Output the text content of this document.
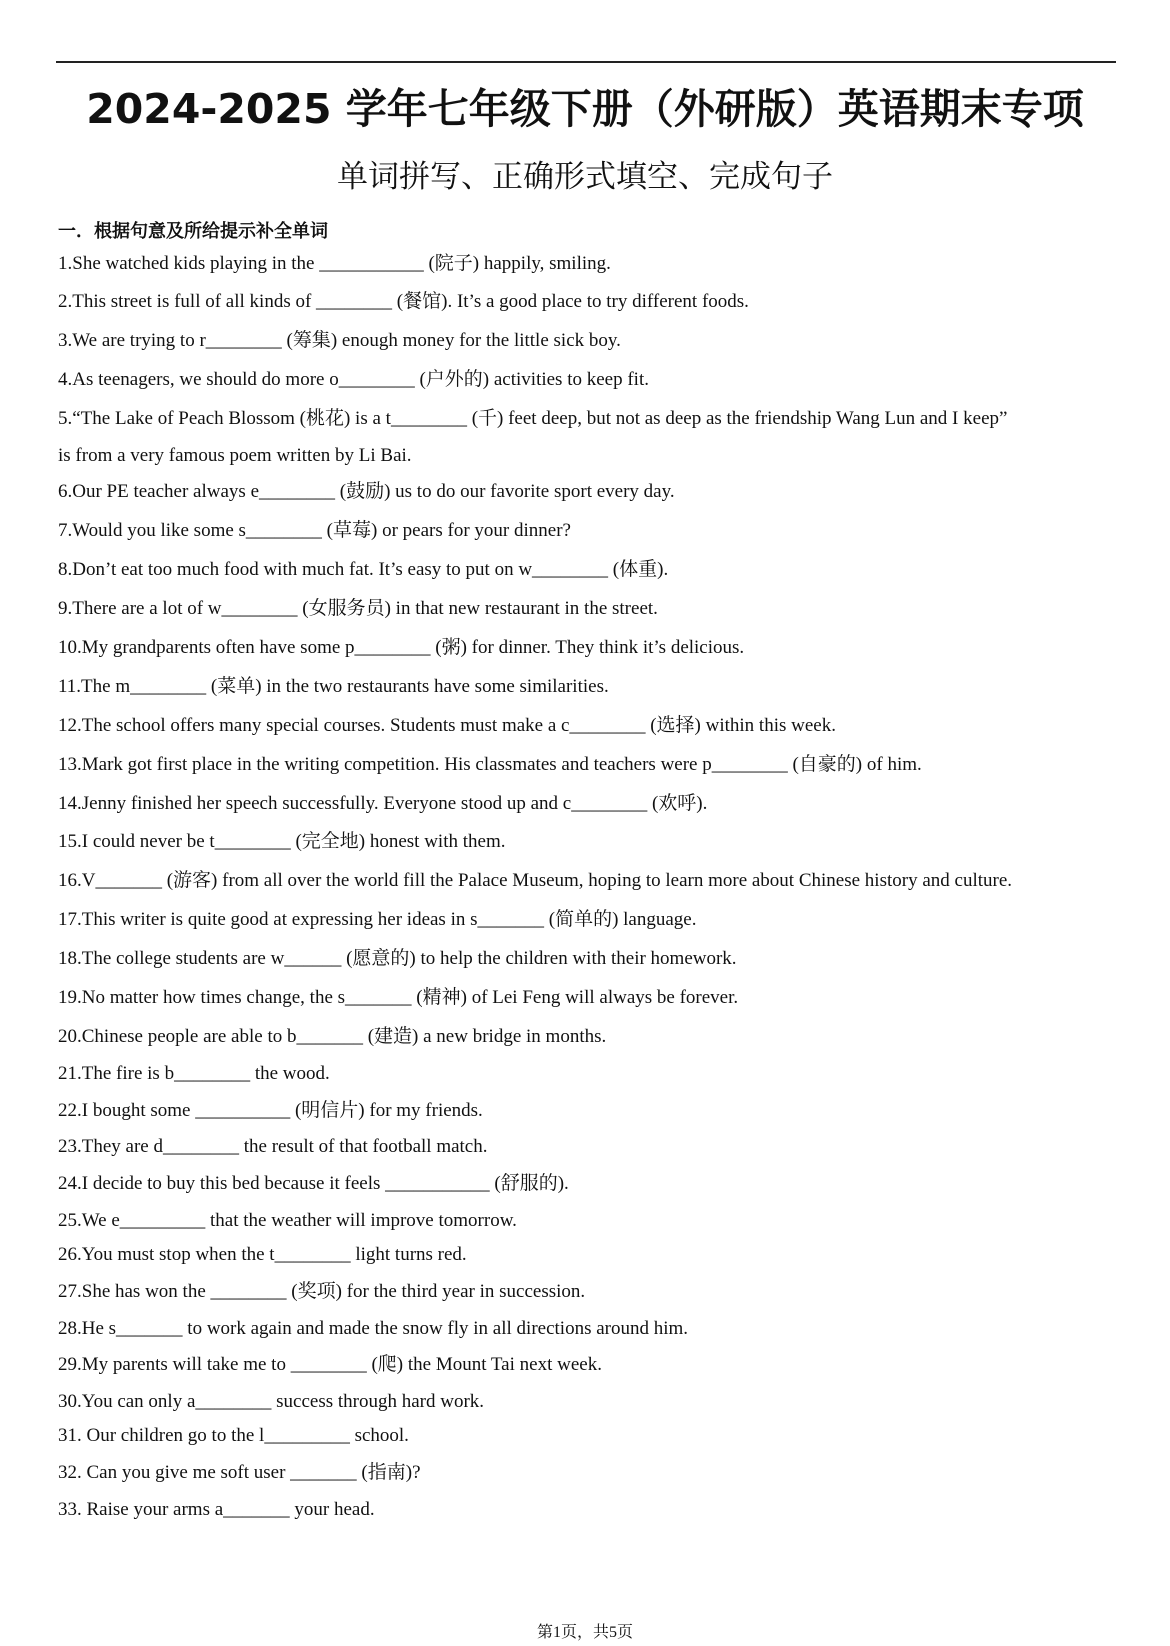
2024-2025 学年七年级下册（外研版）英语期末专项
单词拼写、正确形式填空、完成句子
一．根据句意及所给提示补全单词
1.She watched kids playing in the ___________ (院子) happily, smiling.
2.This street is full of all kinds of ________ (餐馆). It’s a good place to try different foods.
3.We are trying to r________ (筹集) enough money for the little sick boy.
4.As teenagers, we should do more o________ (户外的) activities to keep fit.
5.“The Lake of Peach Blossom (桃花) is a t________ (千) feet deep, but not as deep as the friendship Wang Lun and I keep”
is from a very famous poem written by Li Bai.
6.Our PE teacher always e________ (鼓励) us to do our favorite sport every day.
7.Would you like some s________ (草莓) or pears for your dinner?
8.Don’t eat too much food with much fat. It’s easy to put on w________ (体重).
9.There are a lot of w________ (女服务员) in that new restaurant in the street.
10.My grandparents often have some p________ (粥) for dinner. They think it’s delicious.
11.The m________ (菜单) in the two restaurants have some similarities.
12.The school offers many special courses. Students must make a c________ (选择) within this week.
13.Mark got first place in the writing competition. His classmates and teachers were p________ (自豪的) of him.
14.Jenny finished her speech successfully. Everyone stood up and c________ (欢呼).
15.I could never be t________ (完全地) honest with them.
16.V_______ (游客) from all over the world fill the Palace Museum, hoping to learn more about Chinese history and culture.
17.This writer is quite good at expressing her ideas in s_______ (简单的) language.
18.The college students are w______ (愿意的) to help the children with their homework.
19.No matter how times change, the s_______ (精神) of Lei Feng will always be forever.
20.Chinese people are able to b_______ (建造) a new bridge in months.
21.The fire is b________ the wood.
22.I bought some __________ (明信片) for my friends.
23.They are d________ the result of that football match.
24.I decide to buy this bed because it feels ___________ (舒服的).
25.We e_________ that the weather will improve tomorrow.
26.You must stop when the t________ light turns red.
27.She has won the ________ (奖项) for the third year in succession.
28.He s_______ to work again and made the snow fly in all directions around him.
29.My parents will take me to ________ (爬) the Mount Tai next week.
30.You can only a________ success through hard work.
31. Our children go to the l_________ school.
32. Can you give me soft user _______ (指南)?
33. Raise your arms a_______ your head.
第1页，共5页
